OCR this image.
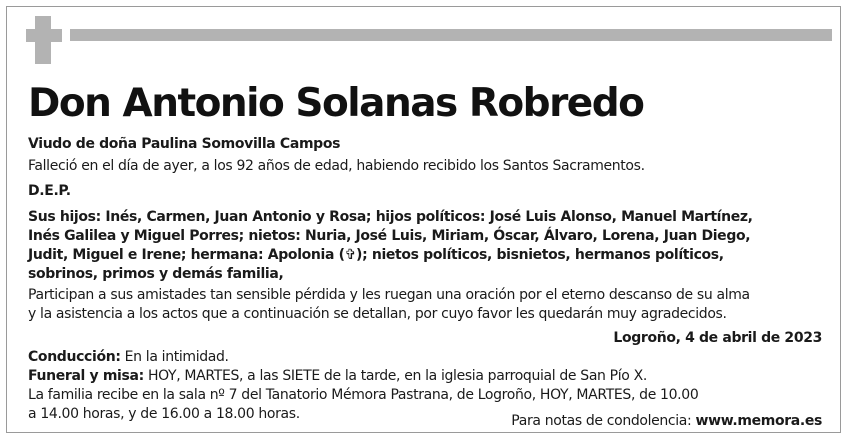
Don Antonio Solanas Robredo
Viudo de doña Paulina Somovilla Campos
Falleció en el día de ayer, a los 92 años de edad, habiendo recibido los Santos Sacramentos.
D.E.P.
Sus hijos: Inés, Carmen, Juan Antonio y Rosa; hijos políticos: José Luis Alonso, Manuel Martínez,
Inés Galilea y Miguel Porres; nietos: Nuria, José Luis, Miriam, Óscar, Álvaro, Lorena, Juan Diego,
Judit, Miguel e Irene; hermana: Apolonia (✞); nietos políticos, bisnietos, hermanos políticos,
sobrinos, primos y demás familia,
Participan a sus amistades tan sensible pérdida y les ruegan una oración por el eterno descanso de su alma
y la asistencia a los actos que a continuación se detallan, por cuyo favor les quedarán muy agradecidos.
Logroño, 4 de abril de 2023
Conducción: En la intimidad.
Funeral y misa: HOY, MARTES, a las SIETE de la tarde, en la iglesia parroquial de San Pío X.
La familia recibe en la sala nº 7 del Tanatorio Mémora Pastrana, de Logroño, HOY, MARTES, de 10.00
a 14.00 horas, y de 16.00 a 18.00 horas.	Para notas de condolencia: www.memora.es
